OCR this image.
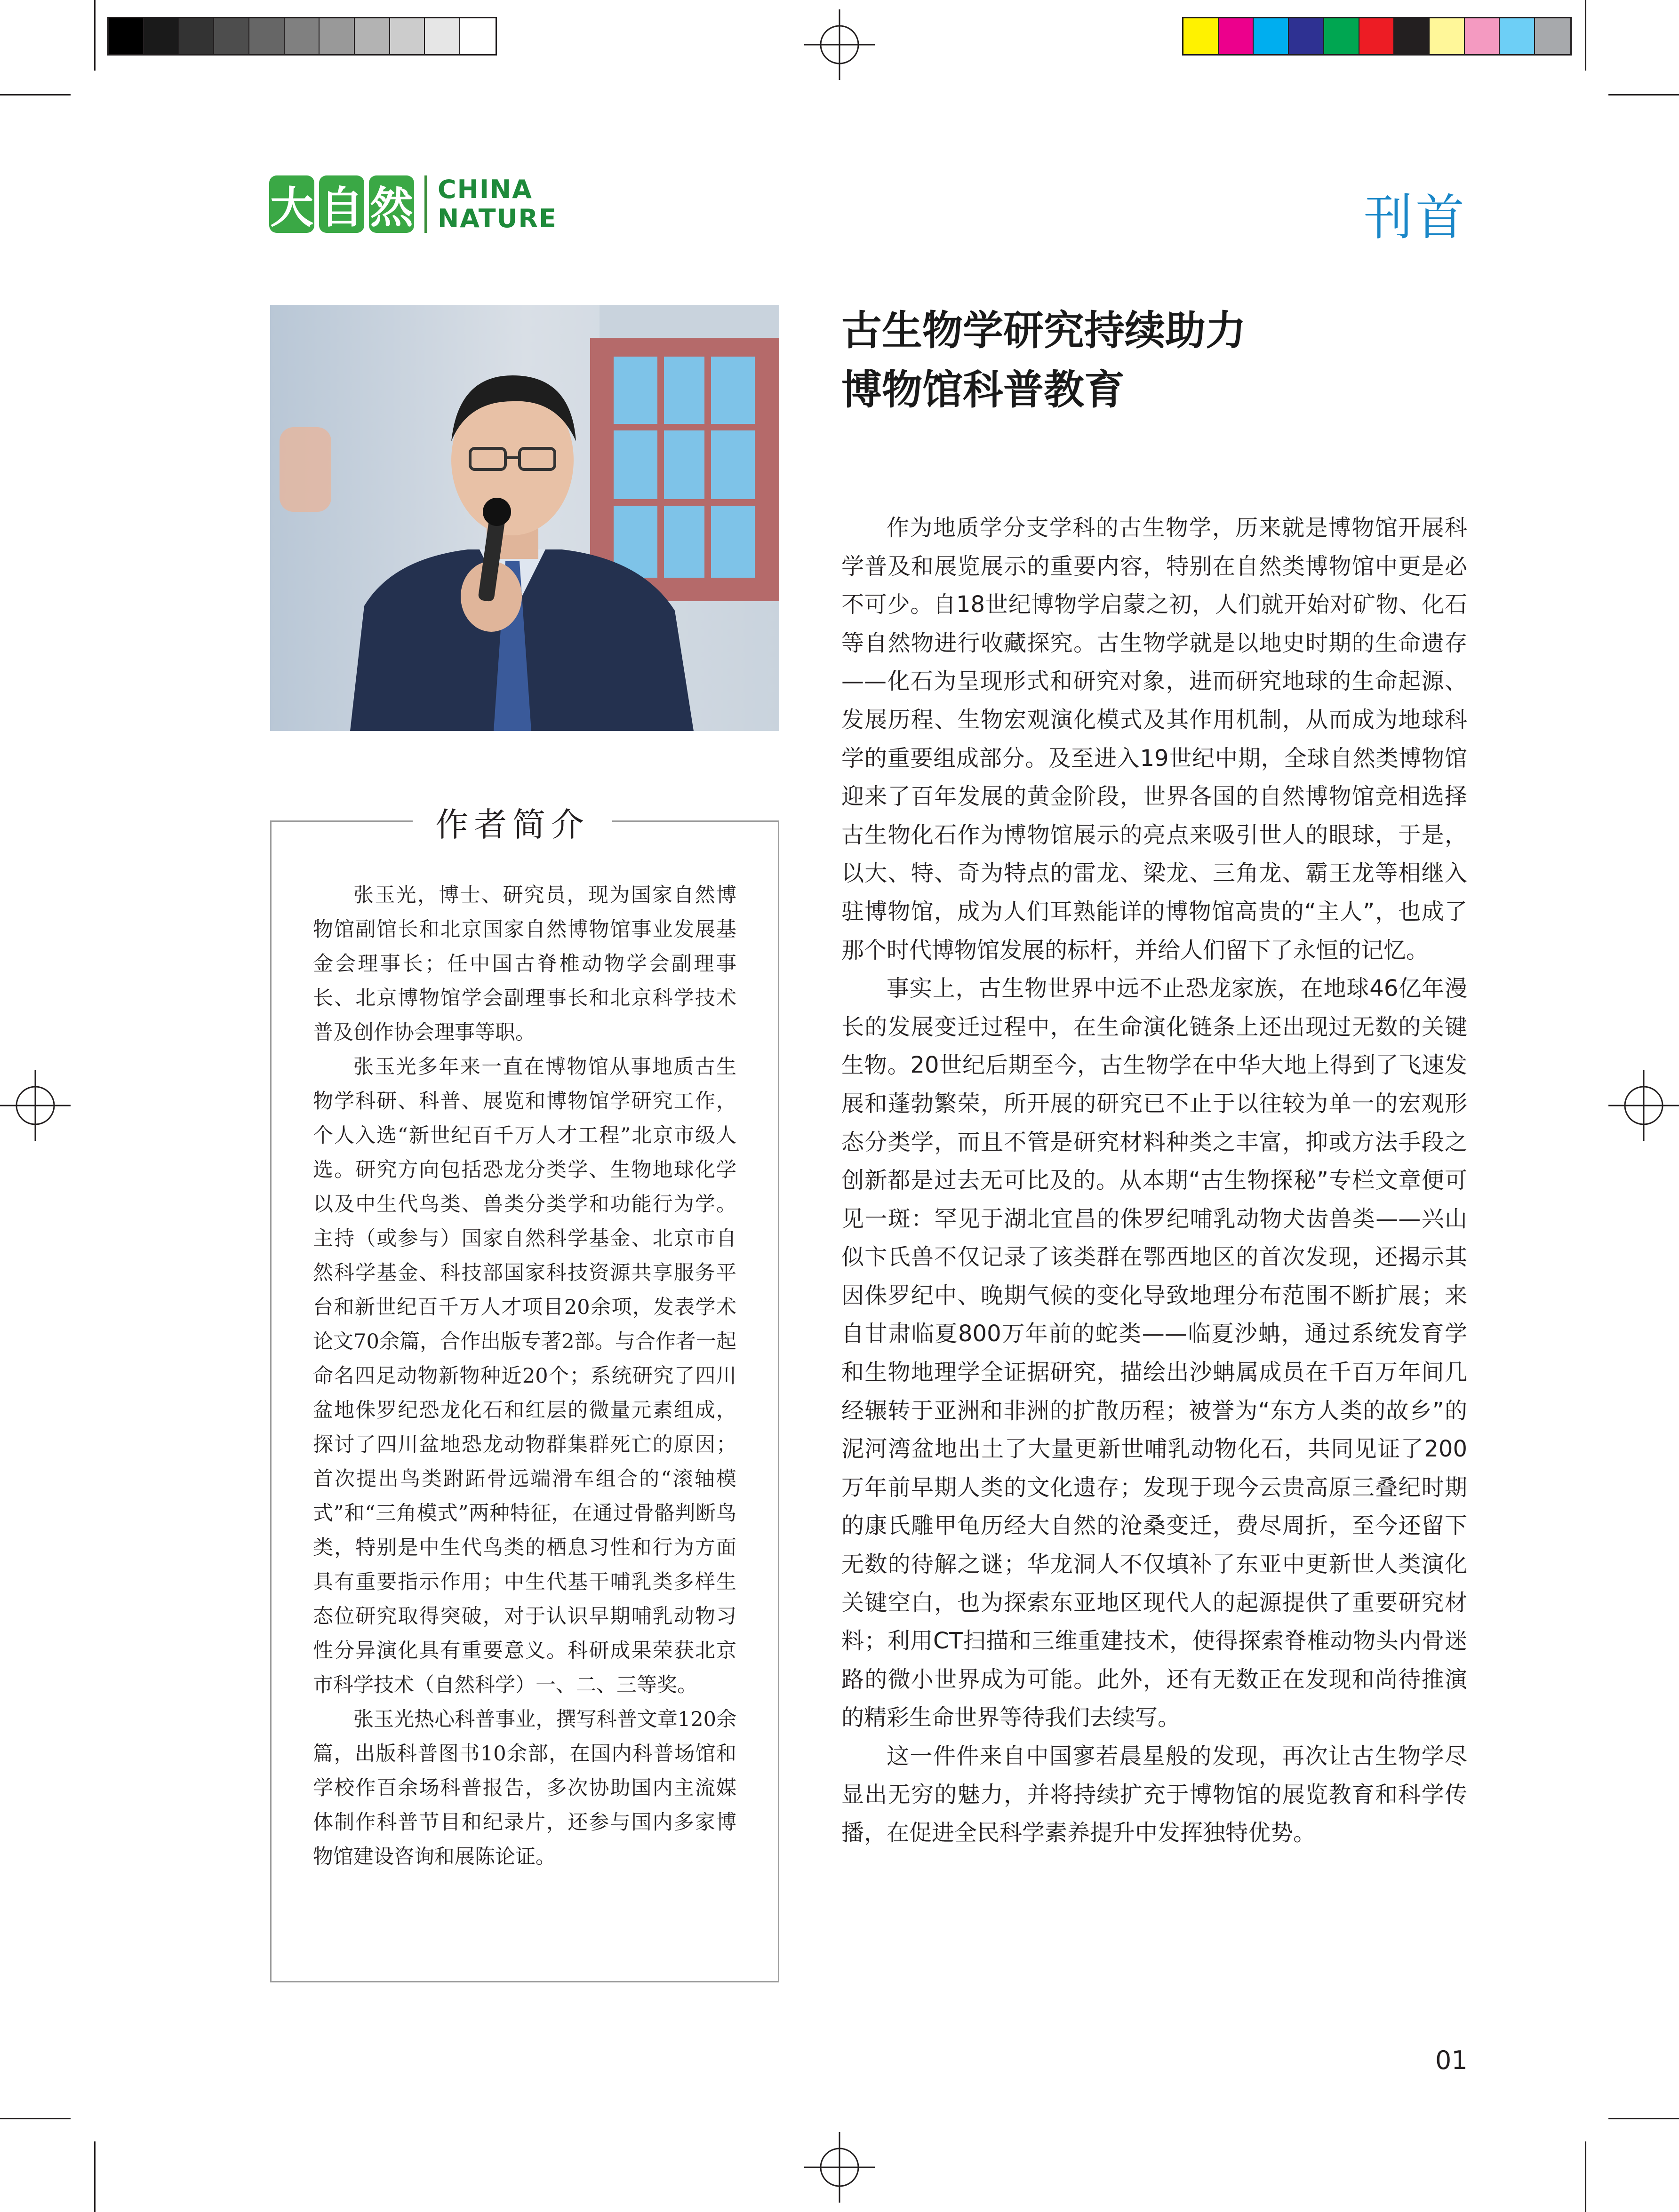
大 自 然 CHINA
NATURE	刊首
作者简介

张玉光，博士、研究员，现为国家自然博物馆副馆长和北京国家自然博物馆事业发展基金会理事长；任中国古脊椎动物学会副理事长、北京博物馆学会副理事长和北京科学技术普及创作协会理事等职。

张玉光多年来一直在博物馆从事地质古生物学科研、科普、展览和博物馆学研究工作，个人入选“新世纪百千万人才工程”北京市级人选。研究方向包括恐龙分类学、生物地球化学以及中生代鸟类、兽类分类学和功能行为学。主持（或参与）国家自然科学基金、北京市自然科学基金、科技部国家科技资源共享服务平台和新世纪百千万人才项目20余项，发表学术论文70余篇，合作出版专著2部。与合作者一起命名四足动物新物种近20个；系统研究了四川盆地侏罗纪恐龙化石和红层的微量元素组成，探讨了四川盆地恐龙动物群集群死亡的原因；首次提出鸟类跗跖骨远端滑车组合的“滚轴模式”和“三角模式”两种特征，在通过骨骼判断鸟类，特别是中生代鸟类的栖息习性和行为方面具有重要指示作用；中生代基干哺乳类多样生态位研究取得突破，对于认识早期哺乳动物习性分异演化具有重要意义。科研成果荣获北京市科学技术（自然科学）一、二、三等奖。

张玉光热心科普事业，撰写科普文章120余篇，出版科普图书10余部，在国内科普场馆和学校作百余场科普报告，多次协助国内主流媒体制作科普节目和纪录片，还参与国内多家博物馆建设咨询和展陈论证。

古生物学研究持续助力
博物馆科普教育

作为地质学分支学科的古生物学，历来就是博物馆开展科学普及和展览展示的重要内容，特别在自然类博物馆中更是必不可少。自18世纪博物学启蒙之初，人们就开始对矿物、化石等自然物进行收藏探究。古生物学就是以地史时期的生命遗存——化石为呈现形式和研究对象，进而研究地球的生命起源、发展历程、生物宏观演化模式及其作用机制，从而成为地球科学的重要组成部分。及至进入19世纪中期，全球自然类博物馆迎来了百年发展的黄金阶段，世界各国的自然博物馆竞相选择古生物化石作为博物馆展示的亮点来吸引世人的眼球，于是，以大、特、奇为特点的雷龙、梁龙、三角龙、霸王龙等相继入驻博物馆，成为人们耳熟能详的博物馆高贵的“主人”，也成了那个时代博物馆发展的标杆，并给人们留下了永恒的记忆。

事实上，古生物世界中远不止恐龙家族，在地球46亿年漫长的发展变迁过程中，在生命演化链条上还出现过无数的关键生物。20世纪后期至今，古生物学在中华大地上得到了飞速发展和蓬勃繁荣，所开展的研究已不止于以往较为单一的宏观形态分类学，而且不管是研究材料种类之丰富，抑或方法手段之创新都是过去无可比及的。从本期“古生物探秘”专栏文章便可见一斑：罕见于湖北宜昌的侏罗纪哺乳动物犬齿兽类——兴山似卞氏兽不仅记录了该类群在鄂西地区的首次发现，还揭示其因侏罗纪中、晚期气候的变化导致地理分布范围不断扩展；来自甘肃临夏800万年前的蛇类——临夏沙蚺，通过系统发育学和生物地理学全证据研究，描绘出沙蚺属成员在千百万年间几经辗转于亚洲和非洲的扩散历程；被誉为“东方人类的故乡”的泥河湾盆地出土了大量更新世哺乳动物化石，共同见证了200万年前早期人类的文化遗存；发现于现今云贵高原三叠纪时期的康氏雕甲龟历经大自然的沧桑变迁，费尽周折，至今还留下无数的待解之谜；华龙洞人不仅填补了东亚中更新世人类演化关键空白，也为探索东亚地区现代人的起源提供了重要研究材料；利用CT扫描和三维重建技术，使得探索脊椎动物头内骨迷路的微小世界成为可能。此外，还有无数正在发现和尚待推演的精彩生命世界等待我们去续写。

这一件件来自中国寥若晨星般的发现，再次让古生物学尽显出无穷的魅力，并将持续扩充于博物馆的展览教育和科学传播，在促进全民科学素养提升中发挥独特优势。

01
